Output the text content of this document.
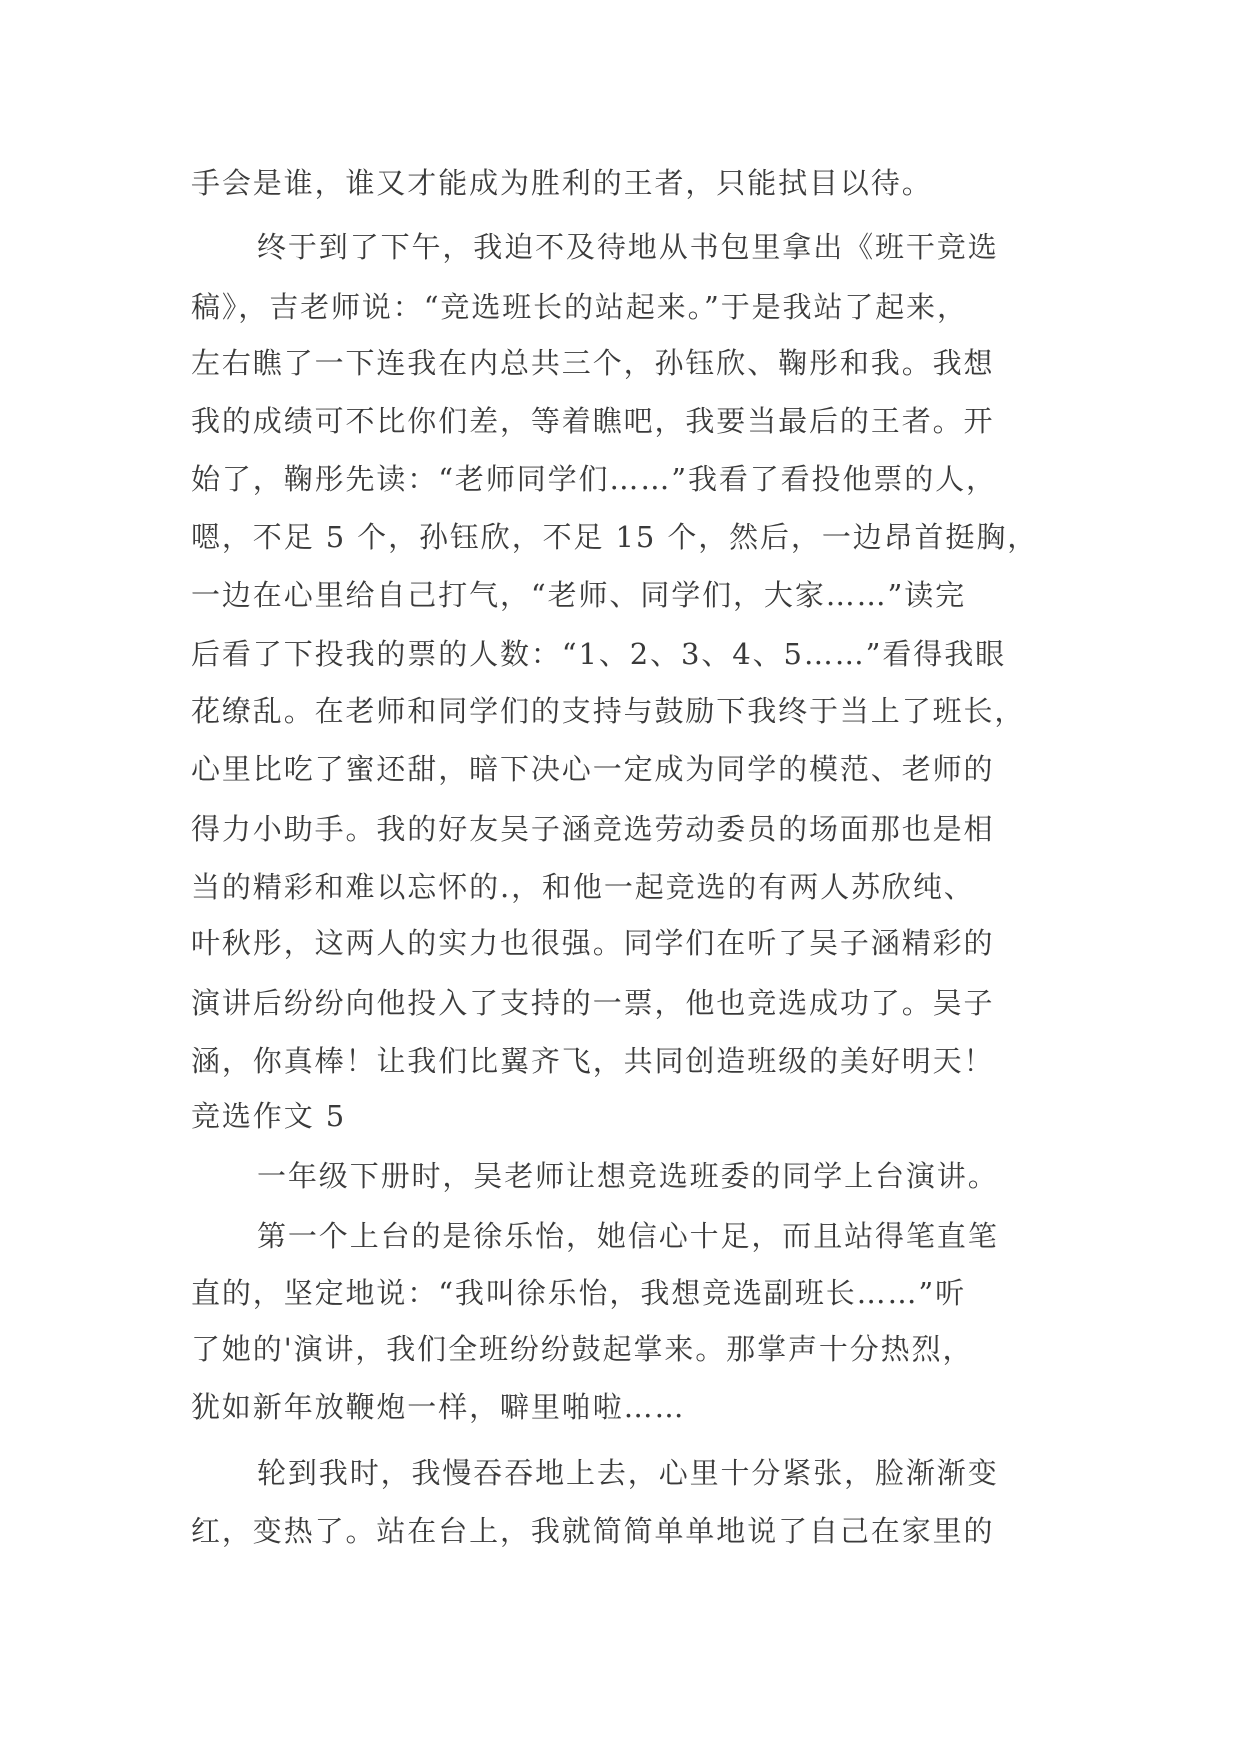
手会是谁，谁又才能成为胜利的王者，只能拭目以待。

终于到了下午，我迫不及待地从书包里拿出《班干竞选

稿》，吉老师说：“竞选班长的站起来。”于是我站了起来，

左右瞧了一下连我在内总共三个，孙钰欣、鞠彤和我。我想

我的成绩可不比你们差，等着瞧吧，我要当最后的王者。开

始了，鞠彤先读：“老师同学们……”我看了看投他票的人，

嗯，不足 5 个，孙钰欣，不足 15 个，然后，一边昂首挺胸，

一边在心里给自己打气，“老师、同学们，大家……”读完

后看了下投我的票的人数：“1、2、3、4、5……”看得我眼

花缭乱。在老师和同学们的支持与鼓励下我终于当上了班长，

心里比吃了蜜还甜，暗下决心一定成为同学的模范、老师的

得力小助手。我的好友吴子涵竞选劳动委员的场面那也是相

当的精彩和难以忘怀的.，和他一起竞选的有两人苏欣纯、

叶秋彤，这两人的实力也很强。同学们在听了吴子涵精彩的

演讲后纷纷向他投入了支持的一票，他也竞选成功了。吴子

涵，你真棒！让我们比翼齐飞，共同创造班级的美好明天！

竞选作文 5

一年级下册时，吴老师让想竞选班委的同学上台演讲。

第一个上台的是徐乐怡，她信心十足，而且站得笔直笔

直的，坚定地说：“我叫徐乐怡，我想竞选副班长……”听

了她的'演讲，我们全班纷纷鼓起掌来。那掌声十分热烈，

犹如新年放鞭炮一样，噼里啪啦……

轮到我时，我慢吞吞地上去，心里十分紧张，脸渐渐变

红，变热了。站在台上，我就简简单单地说了自己在家里的
